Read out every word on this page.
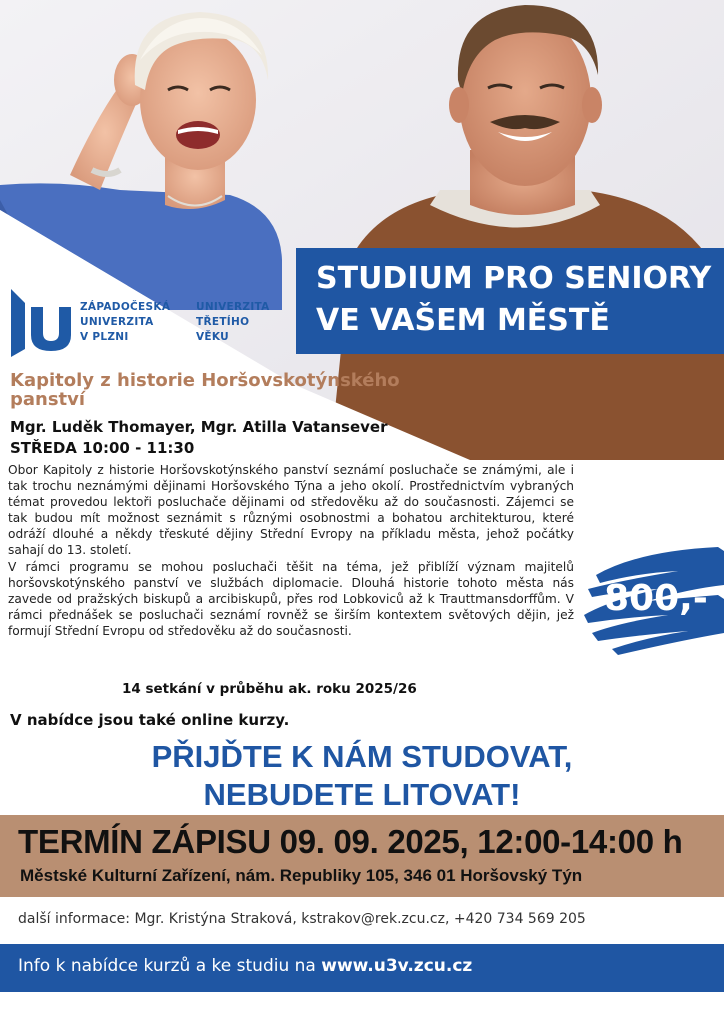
ZÁPADOČESKÁ
UNIVERZITA
V PLZNI
UNIVERZITA
TŘETÍHO
VĚKU
STUDIUM PRO SENIORY
VE VAŠEM MĚSTĚ
Kapitoly z historie Horšovskotýnského panství
Mgr. Luděk Thomayer, Mgr. Atilla Vatansever
STŘEDA 10:00 - 11:30

Obor Kapitoly z historie Horšovskotýnského panství seznámí posluchače se známými, ale i tak trochu neznámými dějinami Horšovského Týna a jeho okolí. Prostřednictvím vybraných témat provedou lektoři posluchače dějinami od středověku až do současnosti. Zájemci se tak budou mít možnost seznámit s různými osobnostmi a bohatou architekturou, které odráží dlouhé a někdy třeskuté dějiny Střední Evropy na příkladu města, jehož počátky sahají do 13. století.

V rámci programu se mohou posluchači těšit na téma, jež přiblíží význam majitelů horšovskotýnského panství ve službách diplomacie. Dlouhá historie tohoto města nás zavede od pražských biskupů a arcibiskupů, přes rod Lobkoviců až k Trauttmansdorffům. V rámci přednášek se posluchači seznámí rovněž se širším kontextem světových dějin, jež formují Střední Evropu od středověku až do současnosti.

800,-
14 setkání v průběhu ak. roku 2025/26
V nabídce jsou také online kurzy.
PŘIJĎTE K NÁM STUDOVAT,
NEBUDETE LITOVAT!
TERMÍN ZÁPISU 09. 09. 2025, 12:00-14:00 h
Městské Kulturní Zařízení, nám. Republiky 105, 346 01 Horšovský Týn
další informace: Mgr. Kristýna Straková, kstrakov@rek.zcu.cz, +420 734 569 205
Info k nabídce kurzů a ke studiu na www.u3v.zcu.cz
